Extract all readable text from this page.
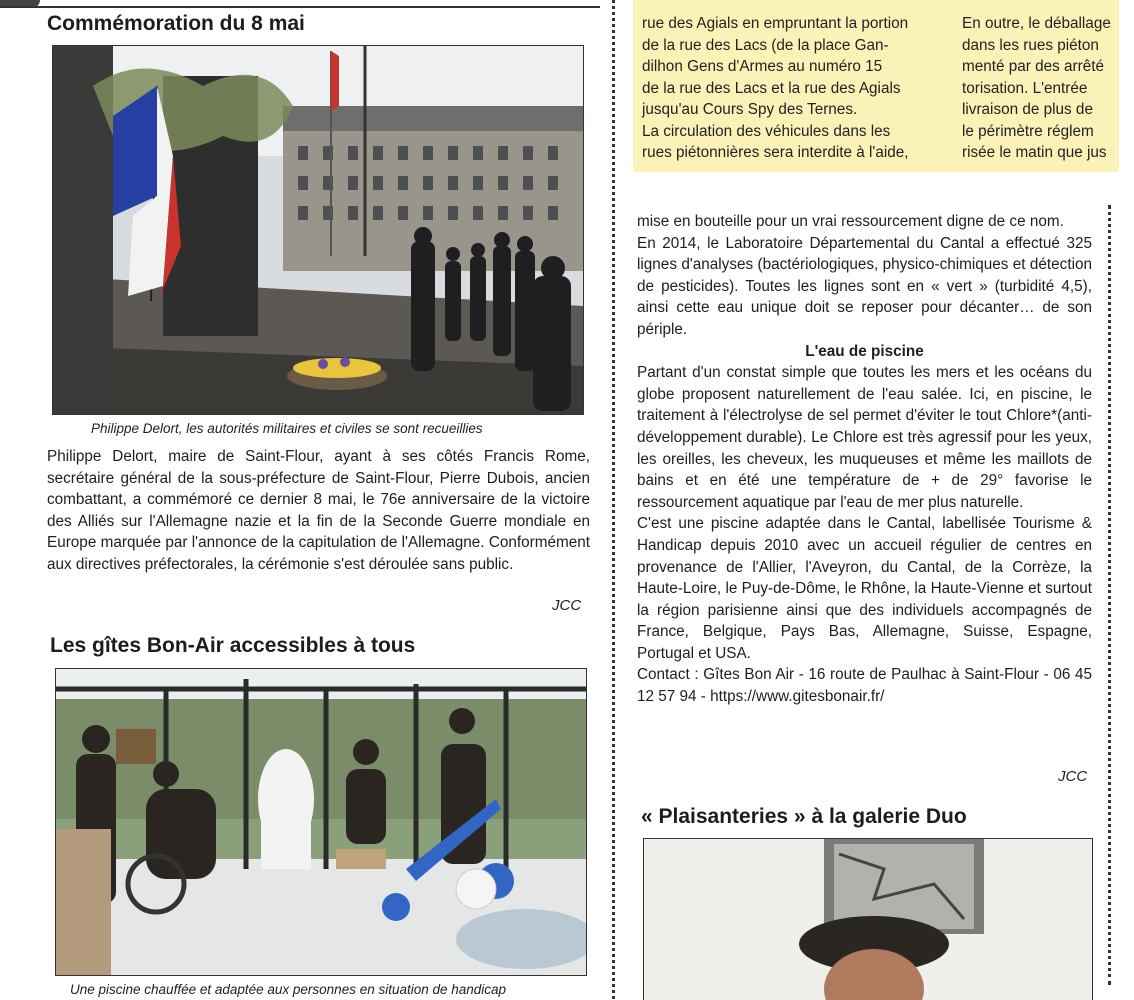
Commémoration du 8 mai
Philippe Delort, les autorités militaires et civiles se sont recueillies

Philippe Delort, maire de Saint-Flour, ayant à ses côtés Francis Rome, secrétaire général de la sous-préfecture de Saint-Flour, Pierre Dubois, ancien combattant, a commémoré ce dernier 8 mai, le 76e anniversaire de la victoire des Alliés sur l'Allemagne nazie et la fin de la Seconde Guerre mondiale en Europe marquée par l'annonce de la capitulation de l'Allemagne. Conformément aux directives préfectorales, la cérémonie s'est déroulée sans public.

JCC
Les gîtes Bon-Air accessibles à tous
Une piscine chauffée et adaptée aux personnes en situation de handicap
rue des Agials en empruntant la portion
de la rue des Lacs (de la place Gan-
dilhon Gens d'Armes au numéro 15
de la rue des Lacs et la rue des Agials
jusqu'au Cours Spy des Ternes.
La circulation des véhicules dans les
rues piétonnières sera interdite à l'aide,
En outre, le déballage
dans les rues piéton
menté par des arrêté
torisation. L'entrée
livraison de plus de
le périmètre réglem
risée le matin que jus

mise en bouteille pour un vrai ressourcement digne de ce nom.

En 2014, le Laboratoire Départemental du Cantal a effectué 325 lignes d'analyses (bactériologiques, physico-chimiques et détection de pesticides). Toutes les lignes sont en « vert » (turbidité 4,5), ainsi cette eau unique doit se reposer pour décanter… de son périple.

L'eau de piscine

Partant d'un constat simple que toutes les mers et les océans du globe proposent naturellement de l'eau salée. Ici, en piscine, le traitement à l'électrolyse de sel permet d'éviter le tout Chlore*(anti-développement durable). Le Chlore est très agressif pour les yeux, les oreilles, les cheveux, les muqueuses et même les maillots de bains et en été une température de + de 29° favorise le ressourcement aquatique par l'eau de mer plus naturelle.

C'est une piscine adaptée dans le Cantal, labellisée Tourisme & Handicap depuis 2010 avec un accueil régulier de centres en provenance de l'Allier, l'Aveyron, du Cantal, de la Corrèze, la Haute-Loire, le Puy-de-Dôme, le Rhône, la Haute-Vienne et surtout la région parisienne ainsi que des individuels accompagnés de France, Belgique, Pays Bas, Allemagne, Suisse, Espagne, Portugal et USA.

Contact : Gîtes Bon Air - 16 route de Paulhac à Saint-Flour - 06 45 12 57 94 - https://www.gitesbonair.fr/

JCC
« Plaisanteries » à la galerie Duo
